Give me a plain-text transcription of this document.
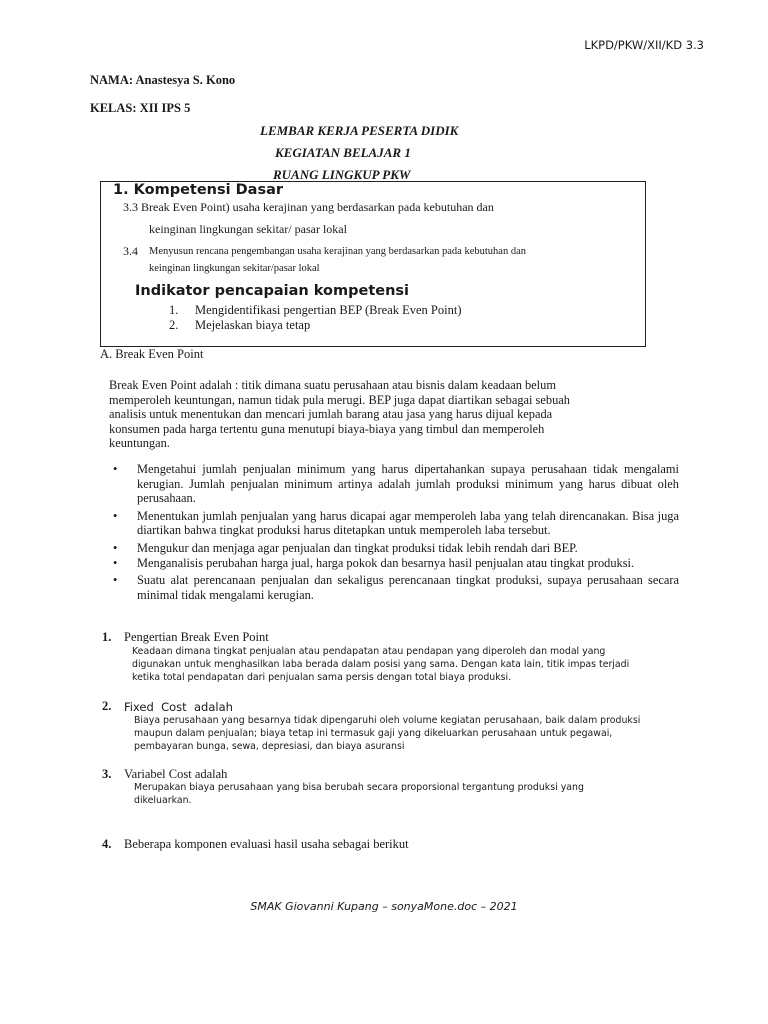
LKPD/PKW/XII/KD 3.3
NAMA: Anastesya S. Kono
KELAS: XII IPS 5
LEMBAR KERJA PESERTA DIDIK
KEGIATAN BELAJAR 1
RUANG LINGKUP PKW
1. Kompetensi Dasar
3.3 Break Even Point) usaha kerajinan yang berdasarkan pada kebutuhan dan
keinginan lingkungan sekitar/ pasar lokal
3.4 Menyusun rencana pengembangan usaha kerajinan yang berdasarkan pada kebutuhan dan
keinginan lingkungan sekitar/pasar lokal
Indikator pencapaian kompetensi
1. Mengidentifikasi pengertian BEP (Break Even Point)
2. Mejelaskan biaya tetap
A. Break Even Point
Break Even Point adalah : titik dimana suatu perusahaan atau bisnis dalam keadaan belum
memperoleh keuntungan, namun tidak pula merugi. BEP juga dapat diartikan sebagai sebuah
analisis untuk menentukan dan mencari jumlah barang atau jasa yang harus dijual kepada
konsumen pada harga tertentu guna menutupi biaya-biaya yang timbul dan memperoleh
keuntungan.
• Mengetahui jumlah penjualan minimum yang harus dipertahankan supaya perusahaan tidak mengalami kerugian. Jumlah penjualan minimum artinya adalah jumlah produksi minimum yang harus dibuat oleh perusahaan.
• Menentukan jumlah penjualan yang harus dicapai agar memperoleh laba yang telah direncanakan. Bisa juga diartikan bahwa tingkat produksi harus ditetapkan untuk memperoleh laba tersebut.
• Mengukur dan menjaga agar penjualan dan tingkat produksi tidak lebih rendah dari BEP.
• Menganalisis perubahan harga jual, harga pokok dan besarnya hasil penjualan atau tingkat produksi.
• Suatu alat perencanaan penjualan dan sekaligus perencanaan tingkat produksi, supaya perusahaan secara minimal tidak mengalami kerugian.
1. Pengertian Break Even Point
Keadaan dimana tingkat penjualan atau pendapatan atau pendapan yang diperoleh dan modal yang
digunakan untuk menghasilkan laba berada dalam posisi yang sama. Dengan kata lain, titik impas terjadi
ketika total pendapatan dari penjualan sama persis dengan total biaya produksi.
2. Fixed  Cost  adalah
Biaya perusahaan yang besarnya tidak dipengaruhi oleh volume kegiatan perusahaan, baik dalam produksi
maupun dalam penjualan; biaya tetap ini termasuk gaji yang dikeluarkan perusahaan untuk pegawai,
pembayaran bunga, sewa, depresiasi, dan biaya asuransi
3. Variabel Cost adalah
Merupakan biaya perusahaan yang bisa berubah secara proporsional tergantung produksi yang
dikeluarkan.
4. Beberapa komponen evaluasi hasil usaha sebagai berikut
SMAK Giovanni Kupang – sonyaMone.doc – 2021
